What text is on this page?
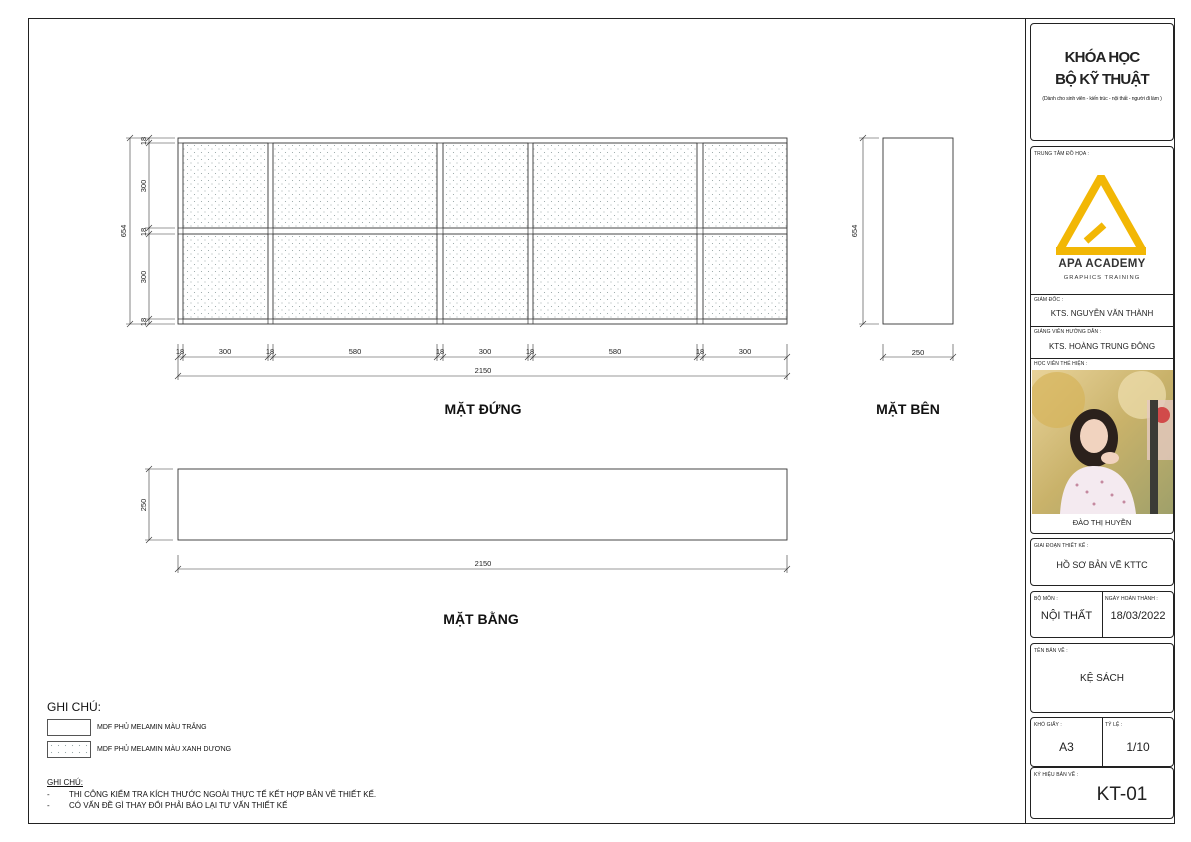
18
300
18
300
18
654
18	300	18	580	18	300	18	580	18	300
2150
MẶT ĐỨNG
654
250
MẶT BÊN
250
2150
MẶT BẰNG
GHI CHÚ:
MDF PHỦ MELAMIN MÀU TRẮNG
MDF PHỦ MELAMIN MÀU XANH DƯƠNG
GHI CHÚ:
- THI CÔNG KIỂM TRA KÍCH THƯỚC NGOÀI THỰC TẾ KẾT HỢP BẢN VẼ THIẾT KẾ.
- CÓ VẤN ĐỀ GÌ THAY ĐỔI PHẢI BÁO LẠI TƯ VẤN THIẾT KẾ
KHÓA HỌC
BỘ KỸ THUẬT
(Dành cho sinh viên - kiến trúc - nội thất - người đi làm )
TRUNG TÂM ĐỒ HỌA :
APA ACADEMY
GRAPHICS TRAINING
GIÁM ĐỐC :
KTS. NGUYỄN VĂN THÀNH
GIẢNG VIÊN HƯỚNG DẪN :
KTS. HOÀNG TRUNG ĐÔNG
HỌC VIÊN THỂ HIỆN :
ĐÀO THỊ HUYỀN
GIAI ĐOẠN THIẾT KẾ :
HỒ SƠ BẢN VẼ KTTC
BỘ MÔN :
NỘI THẤT
NGÀY HOÀN THÀNH :
18/03/2022
TÊN BẢN VẼ :
KỆ SÁCH
KHỔ GIẤY :
A3
TỶ LỆ :
1/10
KÝ HIỆU BẢN VẼ :
KT-01
